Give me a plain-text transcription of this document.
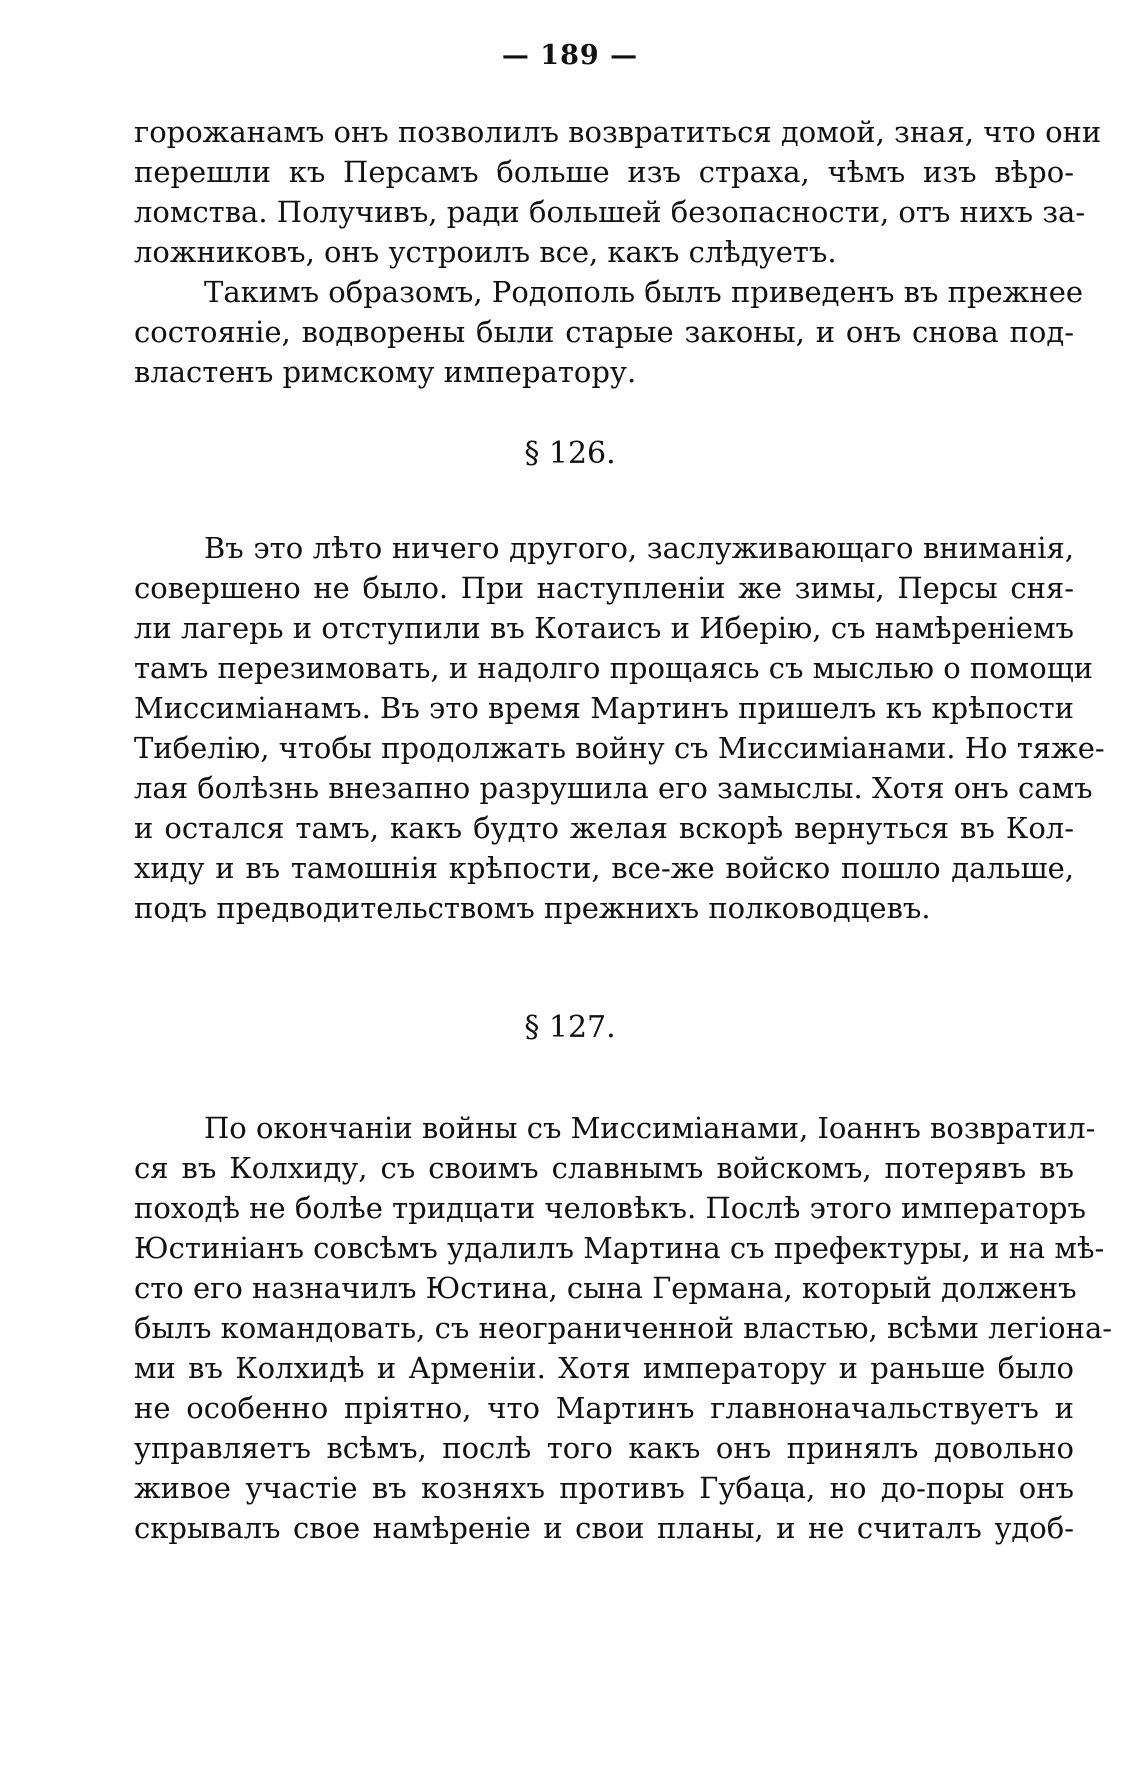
— 189 —
горожанамъ онъ позволилъ возвратиться домой, зная, что они
перешли къ Персамъ больше изъ страха, чѣмъ изъ вѣро-
ломства. Получивъ, ради большей безопасности, отъ нихъ за-
ложниковъ, онъ устроилъ все, какъ слѣдуетъ.
Такимъ образомъ, Родополь былъ приведенъ въ прежнее
состояніе, водворены были старые законы, и онъ снова под-
властенъ римскому императору.
§ 126.
Въ это лѣто ничего другого, заслуживающаго вниманія,
совершено не было. При наступленіи же зимы, Персы сня-
ли лагерь и отступили въ Котаисъ и Иберію, съ намѣреніемъ
тамъ перезимовать, и надолго прощаясь съ мыслью о помощи
Миссиміанамъ. Въ это время Мартинъ пришелъ къ крѣпости
Тибелію, чтобы продолжать войну съ Миссиміанами. Но тяже-
лая болѣзнь внезапно разрушила его замыслы. Хотя онъ самъ
и остался тамъ, какъ будто желая вскорѣ вернуться въ Кол-
хиду и въ тамошнія крѣпости, все-же войско пошло дальше,
подъ предводительствомъ прежнихъ полководцевъ.
§ 127.
По окончаніи войны съ Миссиміанами, Іоаннъ возвратил-
ся въ Колхиду, съ своимъ славнымъ войскомъ, потерявъ въ
походѣ не болѣе тридцати человѣкъ. Послѣ этого императоръ
Юстиніанъ совсѣмъ удалилъ Мартина съ префектуры, и на мѣ-
сто его назначилъ Юстина, сына Германа, который долженъ
былъ командовать, съ неограниченной властью, всѣми легіона-
ми въ Колхидѣ и Арменіи. Хотя императору и раньше было
не особенно пріятно, что Мартинъ главноначальствуетъ и
управляетъ всѣмъ, послѣ того какъ онъ принялъ довольно
живое участіе въ козняхъ противъ Губаца, но до-поры онъ
скрывалъ свое намѣреніе и свои планы, и не считалъ удоб-
